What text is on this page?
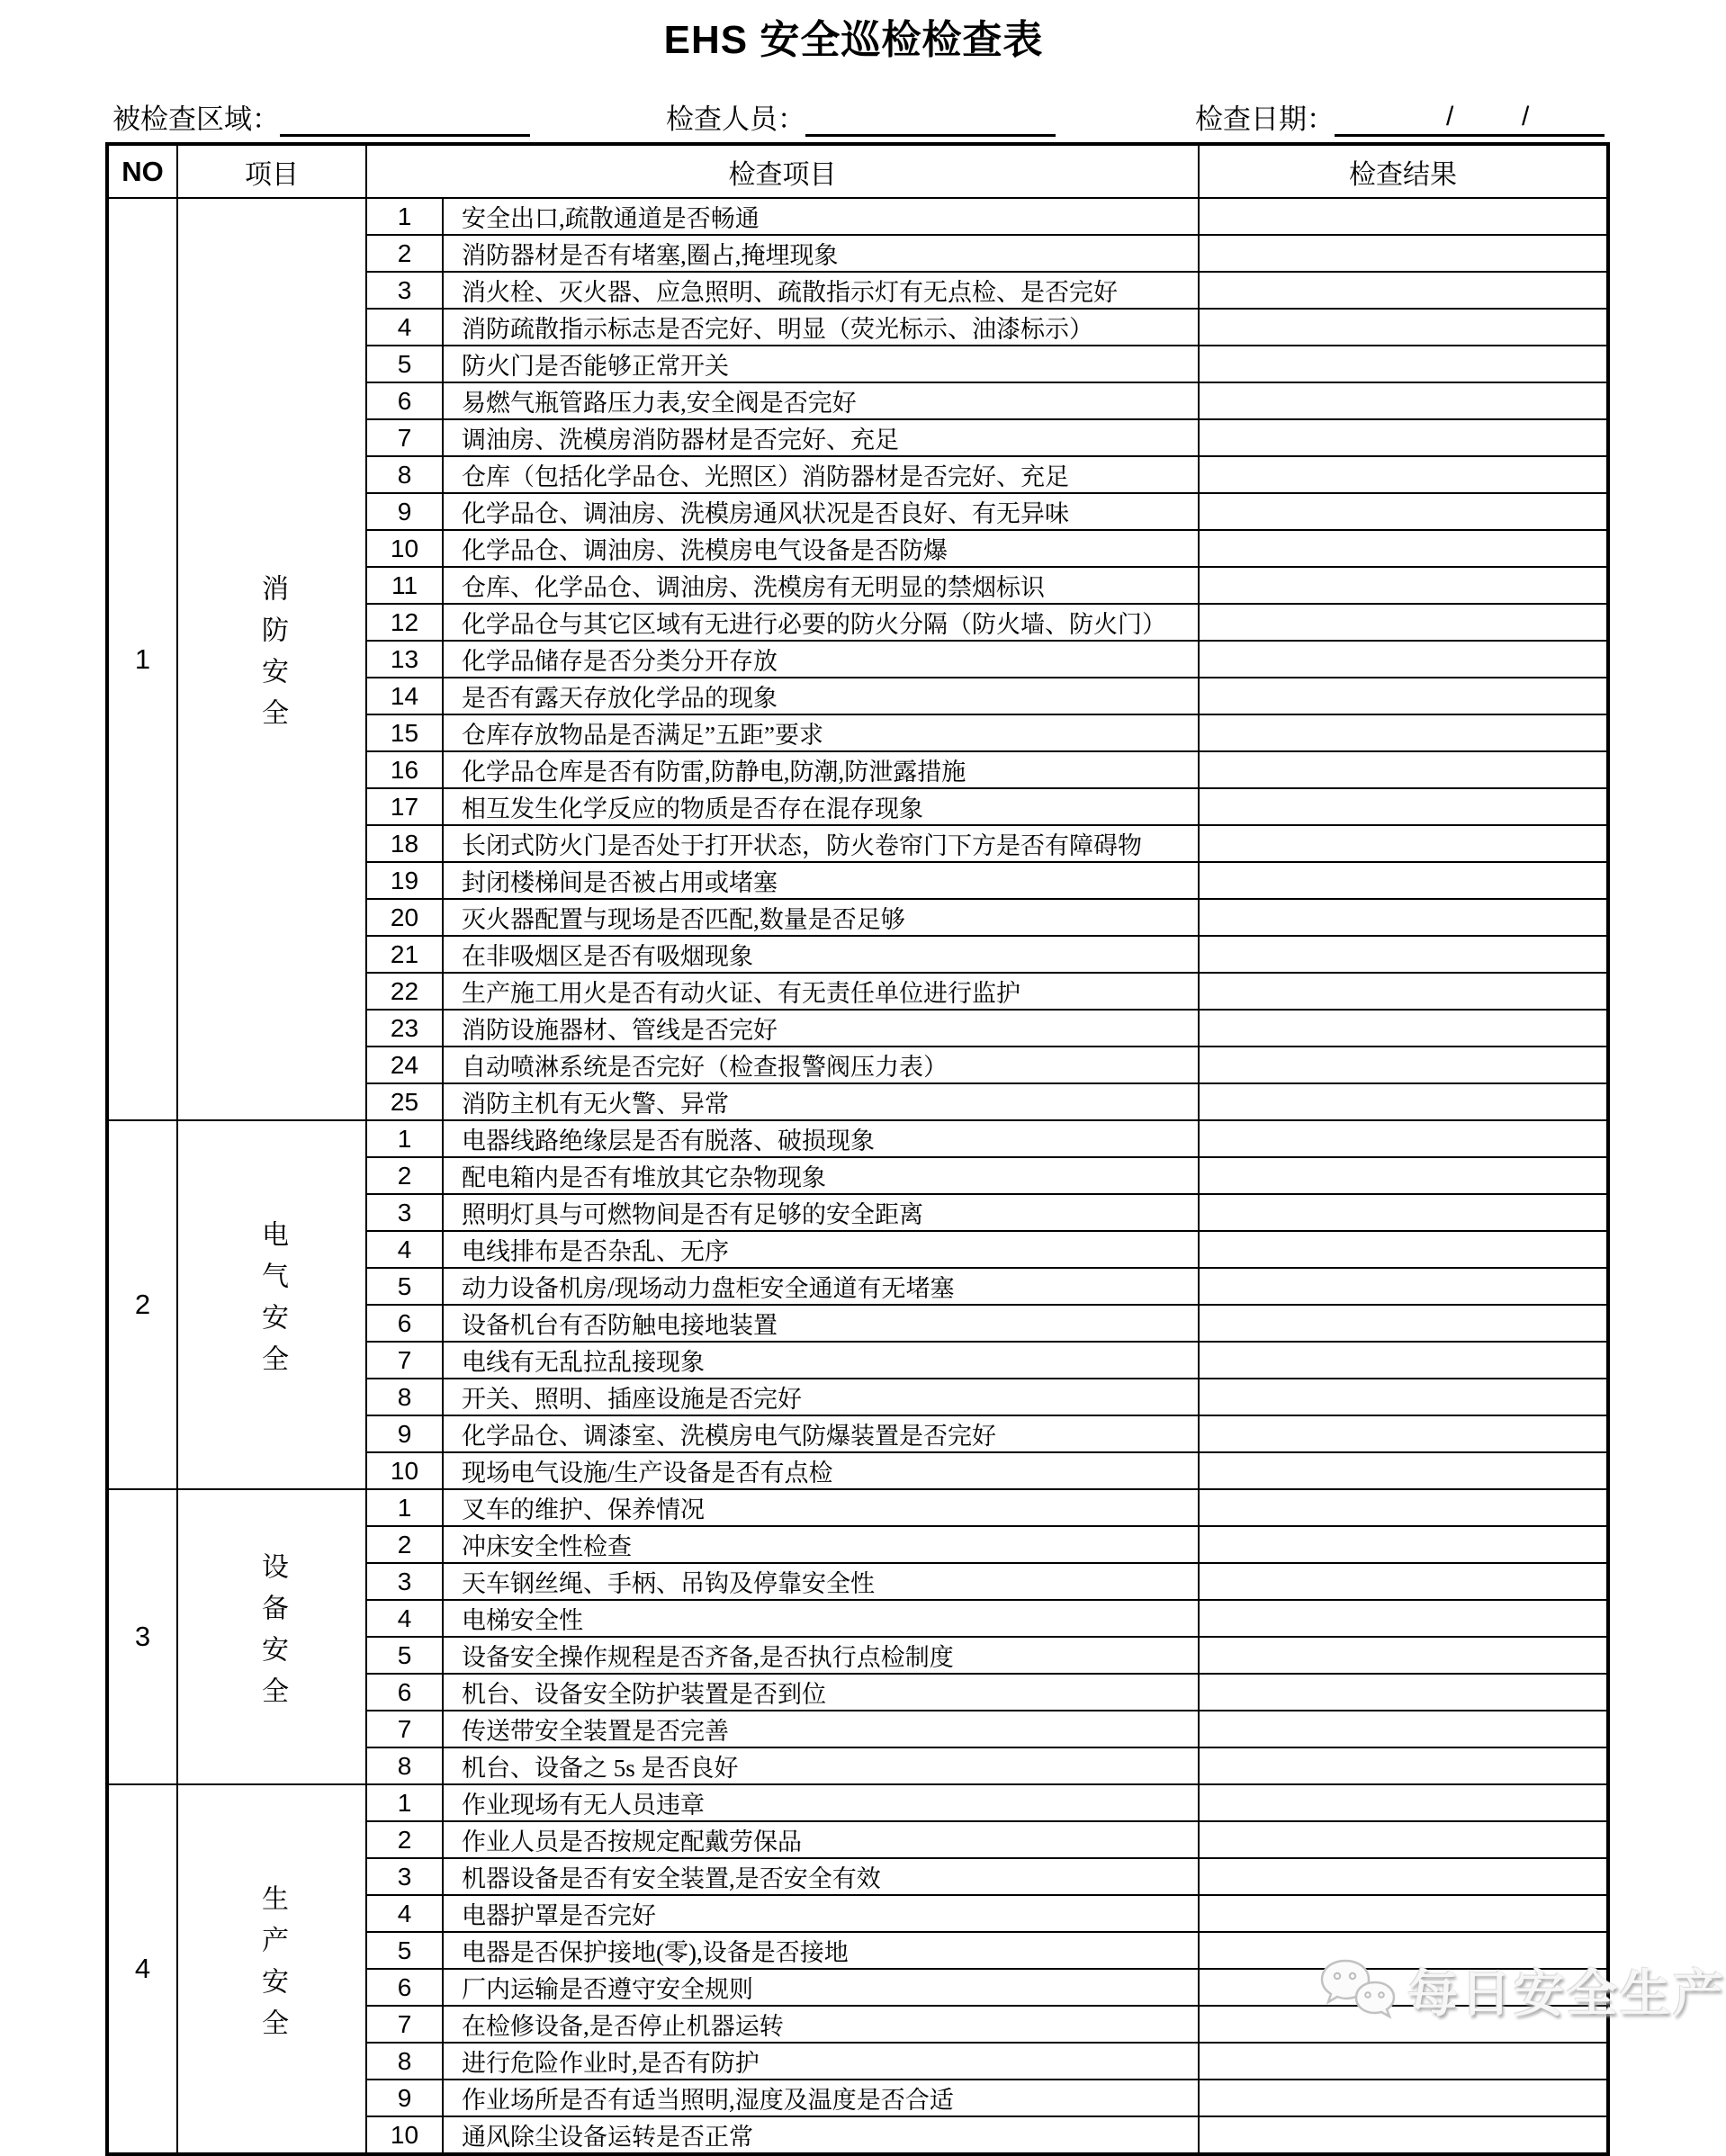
EHS 安全巡检检查表
被检查区域：	检查人员：	检查日期：	/	/
NO	项目	检查项目		检查结果
1	消防安全	1	安全出口,疏散通道是否畅通	
		2	消防器材是否有堵塞,圈占,掩埋现象	
		3	消火栓、灭火器、应急照明、疏散指示灯有无点检、是否完好	
		4	消防疏散指示标志是否完好、明显（荧光标示、油漆标示）	
		5	防火门是否能够正常开关	
		6	易燃气瓶管路压力表,安全阀是否完好	
		7	调油房、洗模房消防器材是否完好、充足	
		8	仓库（包括化学品仓、光照区）消防器材是否完好、充足	
		9	化学品仓、调油房、洗模房通风状况是否良好、有无异味	
		10	化学品仓、调油房、洗模房电气设备是否防爆	
		11	仓库、化学品仓、调油房、洗模房有无明显的禁烟标识	
		12	化学品仓与其它区域有无进行必要的防火分隔（防火墙、防火门）	
		13	化学品储存是否分类分开存放	
		14	是否有露天存放化学品的现象	
		15	仓库存放物品是否满足”五距”要求	
		16	化学品仓库是否有防雷,防静电,防潮,防泄露措施	
		17	相互发生化学反应的物质是否存在混存现象	
		18	长闭式防火门是否处于打开状态，防火卷帘门下方是否有障碍物	
		19	封闭楼梯间是否被占用或堵塞	
		20	灭火器配置与现场是否匹配,数量是否足够	
		21	在非吸烟区是否有吸烟现象	
		22	生产施工用火是否有动火证、有无责任单位进行监护	
		23	消防设施器材、管线是否完好	
		24	自动喷淋系统是否完好（检查报警阀压力表）	
		25	消防主机有无火警、异常	
2	电气安全	1	电器线路绝缘层是否有脱落、破损现象	
		2	配电箱内是否有堆放其它杂物现象	
		3	照明灯具与可燃物间是否有足够的安全距离	
		4	电线排布是否杂乱、无序	
		5	动力设备机房/现场动力盘柜安全通道有无堵塞	
		6	设备机台有否防触电接地装置	
		7	电线有无乱拉乱接现象	
		8	开关、照明、插座设施是否完好	
		9	化学品仓、调漆室、洗模房电气防爆装置是否完好	
		10	现场电气设施/生产设备是否有点检	
3	设备安全	1	叉车的维护、保养情况	
		2	冲床安全性检查	
		3	天车钢丝绳、手柄、吊钩及停靠安全性	
		4	电梯安全性	
		5	设备安全操作规程是否齐备,是否执行点检制度	
		6	机台、设备安全防护装置是否到位	
		7	传送带安全装置是否完善	
		8	机台、设备之 5s 是否良好	
4	生产安全	1	作业现场有无人员违章	
		2	作业人员是否按规定配戴劳保品	
		3	机器设备是否有安全装置,是否安全有效	
		4	电器护罩是否完好	
		5	电器是否保护接地(零),设备是否接地	
		6	厂内运输是否遵守安全规则	
		7	在检修设备,是否停止机器运转	
		8	进行危险作业时,是否有防护	
		9	作业场所是否有适当照明,湿度及温度是否合适	
		10	通风除尘设备运转是否正常	
每日安全生产
